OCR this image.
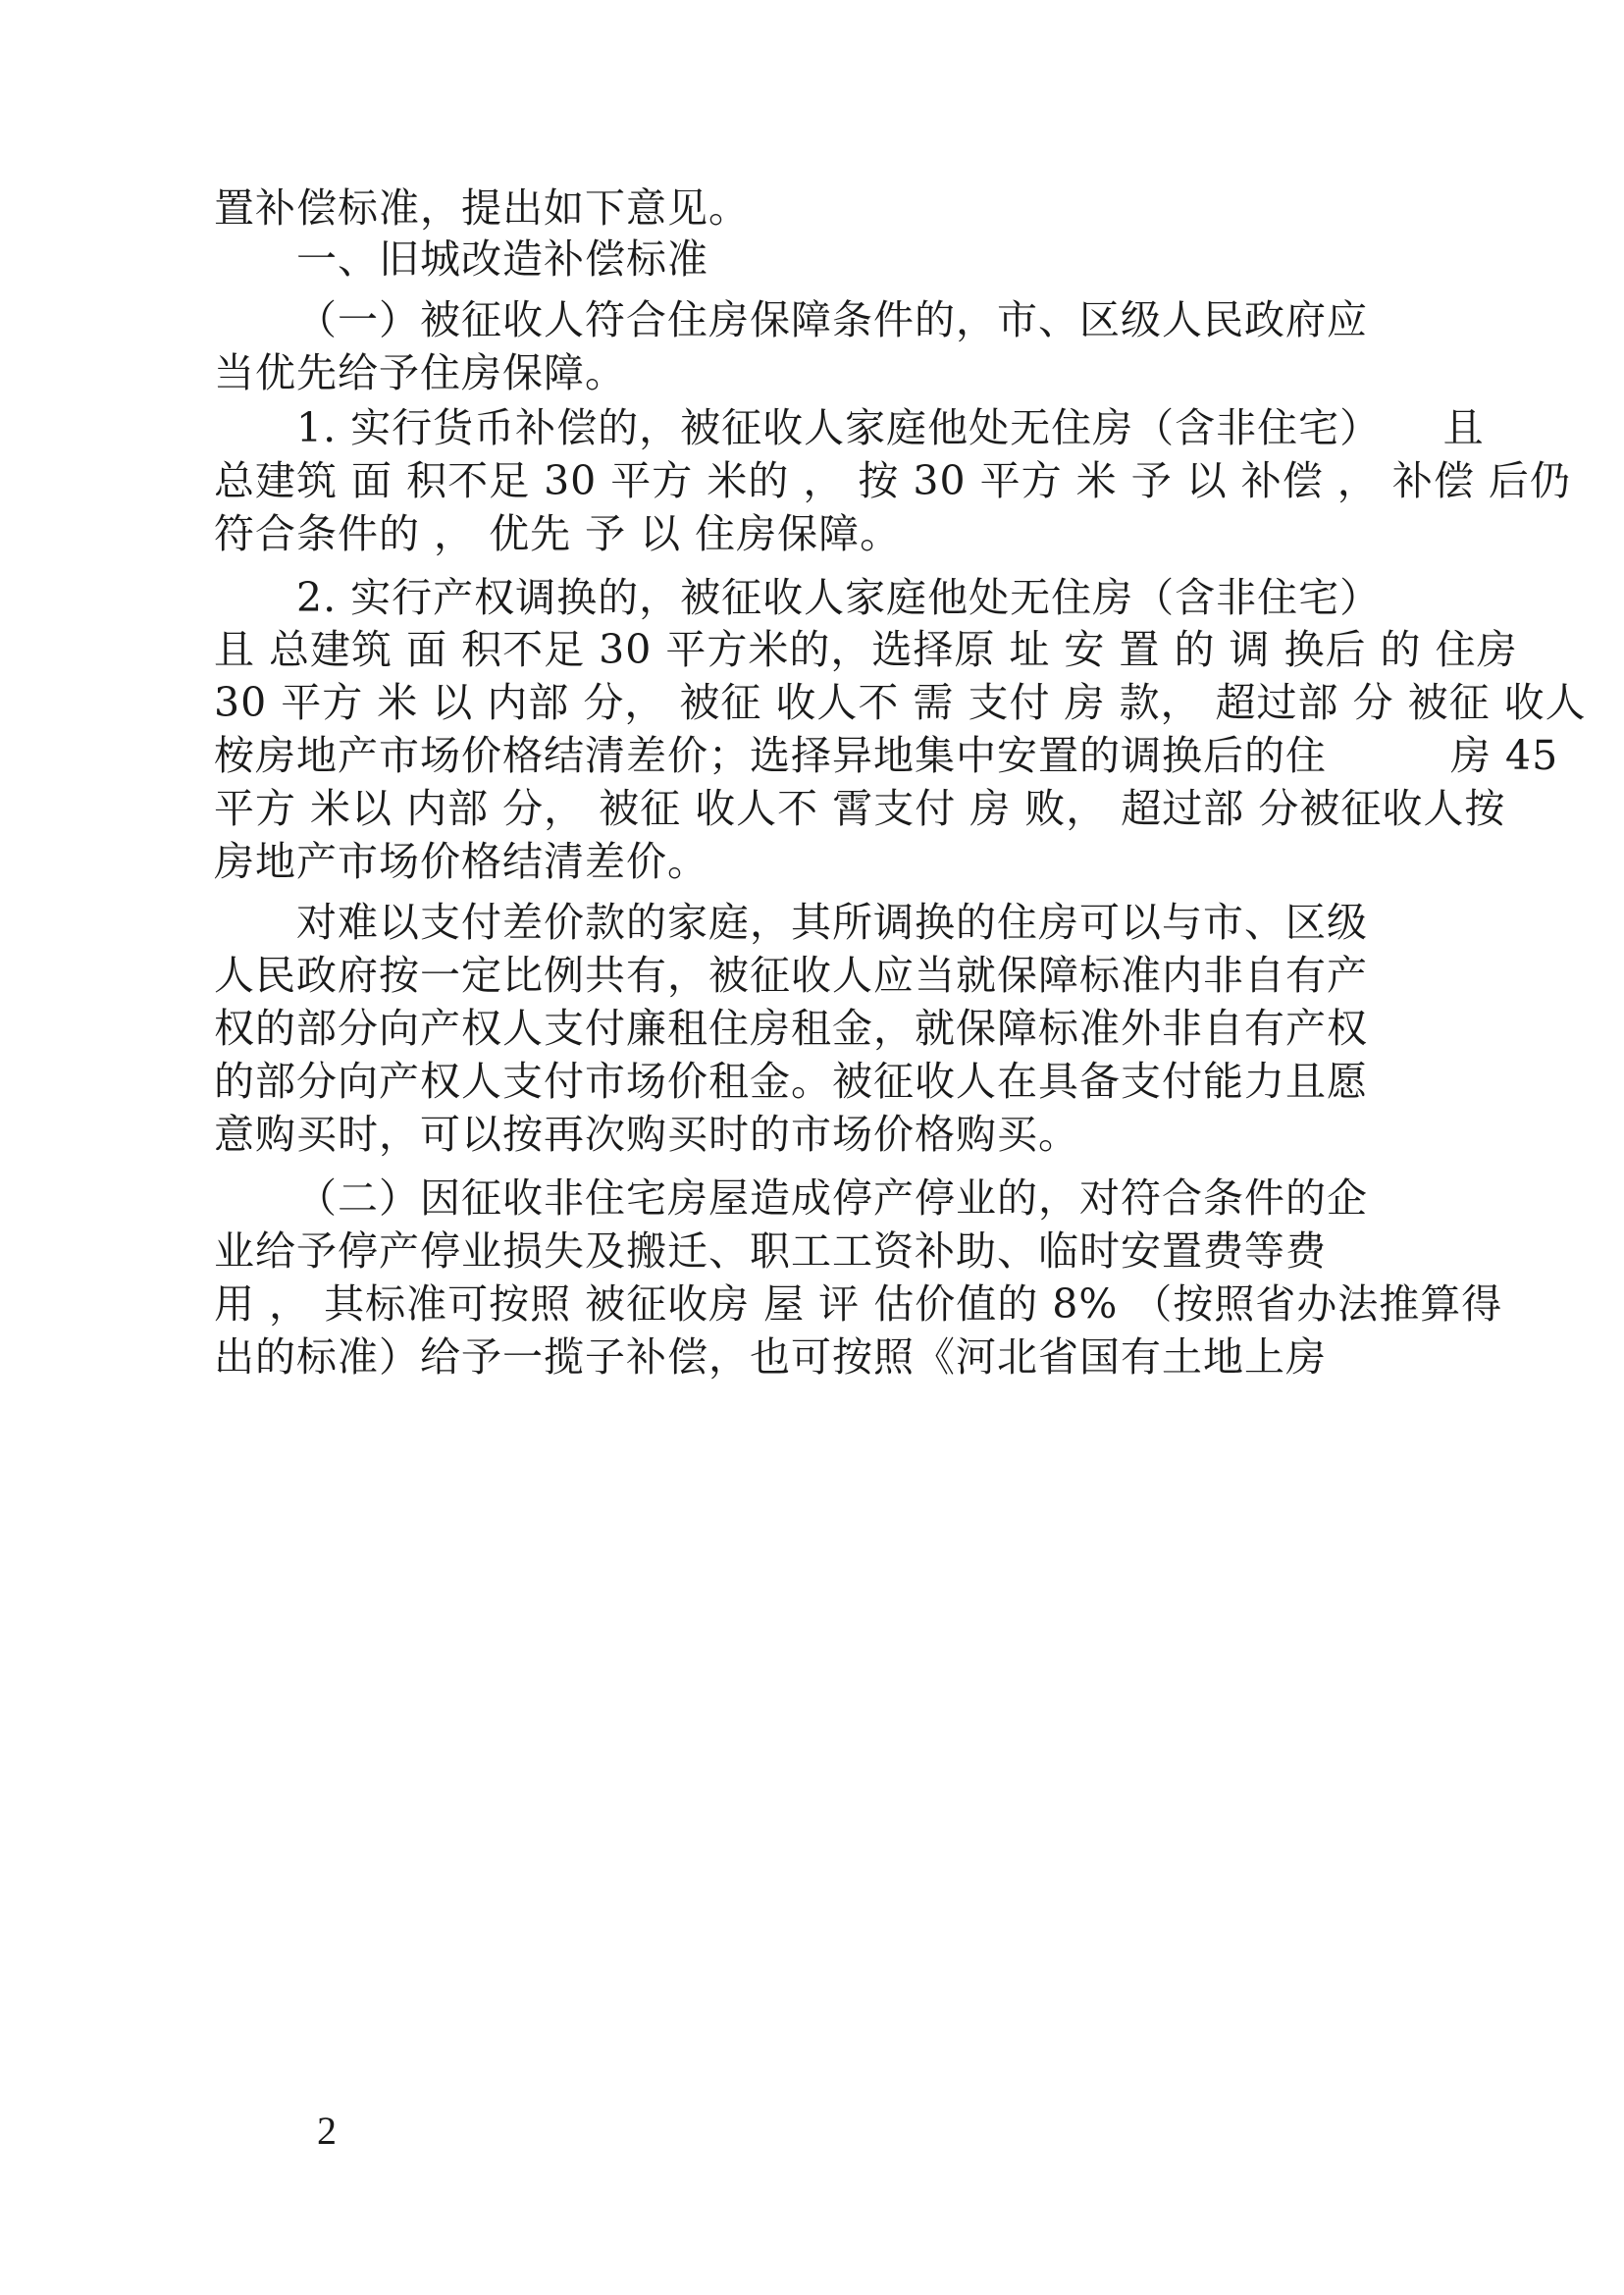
置补偿标准，提出如下意见。
一、旧城改造补偿标准
（一）被征收人符合住房保障条件的，市、区级人民政府应
当优先给予住房保障。
1. 实行货币补偿的，被征收人家庭他处无住房（含非住宅）　　且
总建筑 面 积不足 30 平方 米的 ， 按 30 平方 米 予 以 补偿 ， 补偿 后仍
符合条件的 ， 优先 予 以 住房保障。
2. 实行产权调换的，被征收人家庭他处无住房（含非住宅）
且 总建筑 面 积不足 30 平方米的，选择原 址 安 置 的 调 换后 的 住房
30 平方 米 以 内部 分， 被征 收人不 需 支付 房 款， 超过部 分 被征 收人
桉房地产市场价格结清差价；选择异地集中安置的调换后的住　　　房 45
平方 米以 内部 分， 被征 收人不 霄支付 房 败， 超过部 分被征收人按
房地产市场价格结清差价。
对难以支付差价款的家庭，其所调换的住房可以与市、区级
人民政府按一定比例共有，被征收人应当就保障标准内非自有产
权的部分向产权人支付廉租住房租金，就保障标准外非自有产权
的部分向产权人支付市场价租金。被征收人在具备支付能力且愿
意购买时，可以按再次购买时的市场价格购买。
（二）因征收非住宅房屋造成停产停业的，对符合条件的企
业给予停产停业损失及搬迁、职工工资补助、临时安置费等费
用 ， 其标准可按照 被征收房 屋 评 估价值的 8% （按照省办法推算得
出的标准）给予一揽子补偿，也可按照《河北省国有土地上房
2
